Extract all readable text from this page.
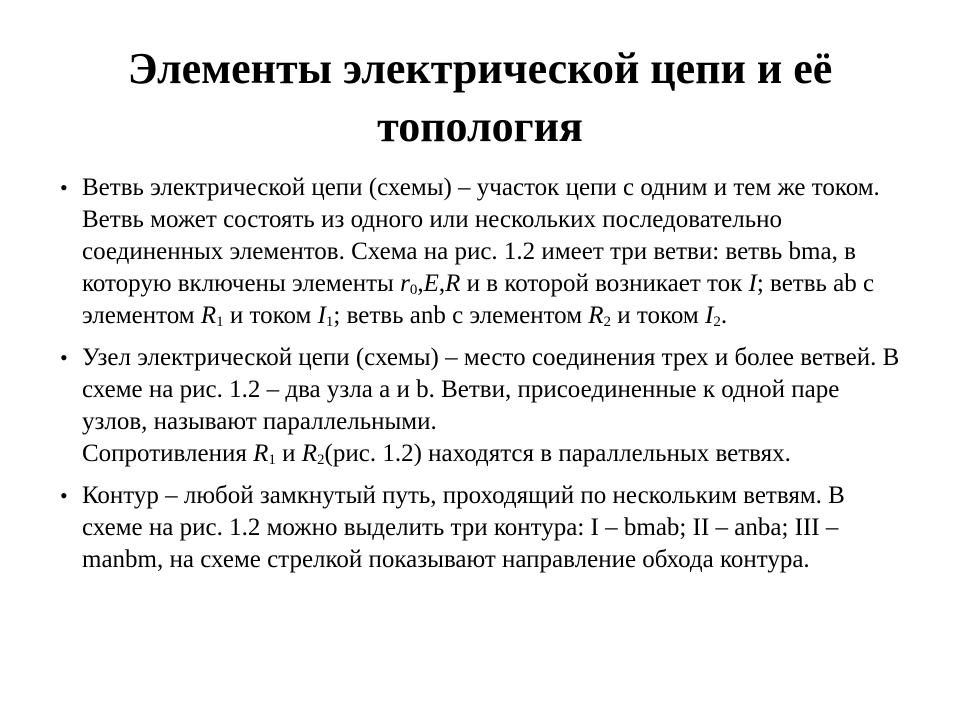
Элементы электрической цепи и её
топология
• Ветвь электрической цепи (схемы) – участок цепи с одним и тем же током. Ветвь может состоять из одного или нескольких последовательно соединенных элементов. Схема на рис. 1.2 имеет три ветви: ветвь bma, в которую включены элементы $r_0,E,R$ и в которой возникает ток I; ветвь ab с элементом $R_1$ и током $I_1$; ветвь anb с элементом $R_2$ и током $I_2$.
• Узел электрической цепи (схемы) – место соединения трех и более ветвей. В схеме на рис. 1.2 – два узла a и b. Ветви, присоединенные к одной паре узлов, называют параллельными.
Сопротивления $R_1$ и $R_2(рис$. 1.2) находятся в параллельных ветвях.
• Контур – любой замкнутый путь, проходящий по нескольким ветвям. В схеме на рис. 1.2 можно выделить три контура: I – bmab; II – anba; III – manbm, на схеме стрелкой показывают направление обхода контура.
